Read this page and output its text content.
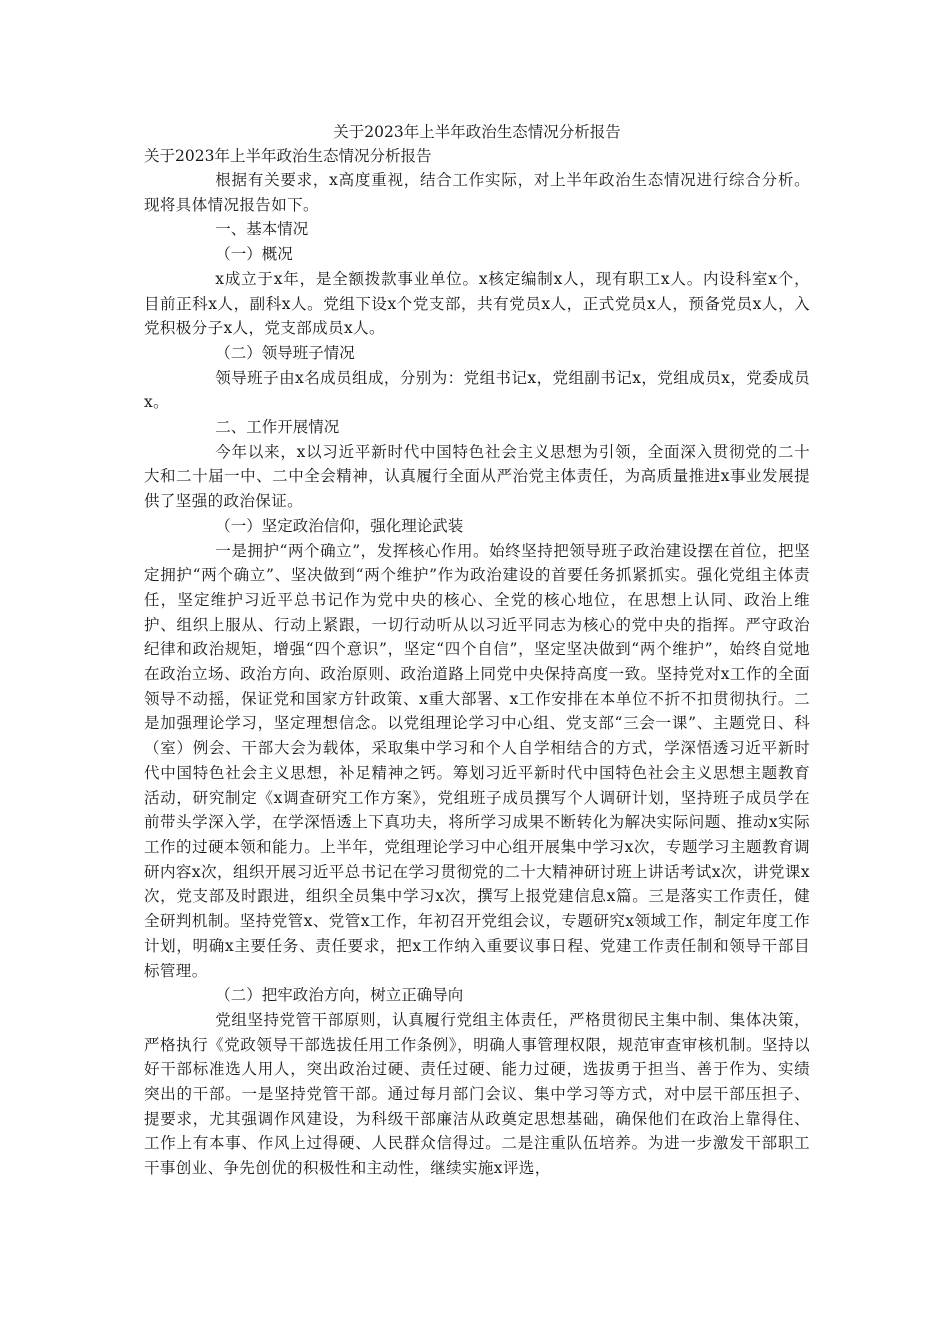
关于2023年上半年政治生态情况分析报告
关于2023年上半年政治生态情况分析报告

根据有关要求，x高度重视，结合工作实际，对上半年政治生态情况进行综合分析。现将具体情况报告如下。

一、基本情况
（一）概况

x成立于x年，是全额拨款事业单位。x核定编制x人，现有职工x人。内设科室x个，目前正科x人，副科x人。党组下设x个党支部，共有党员x人，正式党员x人，预备党员x人，入党积极分子x人，党支部成员x人。

（二）领导班子情况

领导班子由x名成员组成，分别为：党组书记x，党组副书记x，党组成员x，党委成员x。

二、工作开展情况

今年以来，x以习近平新时代中国特色社会主义思想为引领，全面深入贯彻党的二十大和二十届一中、二中全会精神，认真履行全面从严治党主体责任，为高质量推进x事业发展提供了坚强的政治保证。

（一）坚定政治信仰，强化理论武装

一是拥护“两个确立”，发挥核心作用。始终坚持把领导班子政治建设摆在首位，把坚定拥护“两个确立”、坚决做到“两个维护”作为政治建设的首要任务抓紧抓实。强化党组主体责任，坚定维护习近平总书记作为党中央的核心、全党的核心地位，在思想上认同、政治上维护、组织上服从、行动上紧跟，一切行动听从以习近平同志为核心的党中央的指挥。严守政治纪律和政治规矩，增强“四个意识”，坚定“四个自信”，坚定坚决做到“两个维护”，始终自觉地在政治立场、政治方向、政治原则、政治道路上同党中央保持高度一致。坚持党对x工作的全面领导不动摇，保证党和国家方针政策、x重大部署、x工作安排在本单位不折不扣贯彻执行。二是加强理论学习，坚定理想信念。以党组理论学习中心组、党支部“三会一课”、主题党日、科（室）例会、干部大会为载体，采取集中学习和个人自学相结合的方式，学深悟透习近平新时代中国特色社会主义思想，补足精神之钙。筹划习近平新时代中国特色社会主义思想主题教育活动，研究制定《x调查研究工作方案》，党组班子成员撰写个人调研计划，坚持班子成员学在前带头学深入学，在学深悟透上下真功夫，将所学习成果不断转化为解决实际问题、推动x实际工作的过硬本领和能力。上半年，党组理论学习中心组开展集中学习x次，专题学习主题教育调研内容x次，组织开展习近平总书记在学习贯彻党的二十大精神研讨班上讲话考试x次，讲党课x次，党支部及时跟进，组织全员集中学习x次，撰写上报党建信息x篇。三是落实工作责任，健全研判机制。坚持党管x、党管x工作，年初召开党组会议，专题研究x领域工作，制定年度工作计划，明确x主要任务、责任要求，把x工作纳入重要议事日程、党建工作责任制和领导干部目标管理。

（二）把牢政治方向，树立正确导向

党组坚持党管干部原则，认真履行党组主体责任，严格贯彻民主集中制、集体决策，严格执行《党政领导干部选拔任用工作条例》，明确人事管理权限，规范审查审核机制。坚持以好干部标准选人用人，突出政治过硬、责任过硬、能力过硬，选拔勇于担当、善于作为、实绩突出的干部。一是坚持党管干部。通过每月部门会议、集中学习等方式，对中层干部压担子、提要求，尤其强调作风建设，为科级干部廉洁从政奠定思想基础，确保他们在政治上靠得住、工作上有本事、作风上过得硬、人民群众信得过。二是注重队伍培养。为进一步激发干部职工干事创业、争先创优的积极性和主动性，继续实施x评选，
